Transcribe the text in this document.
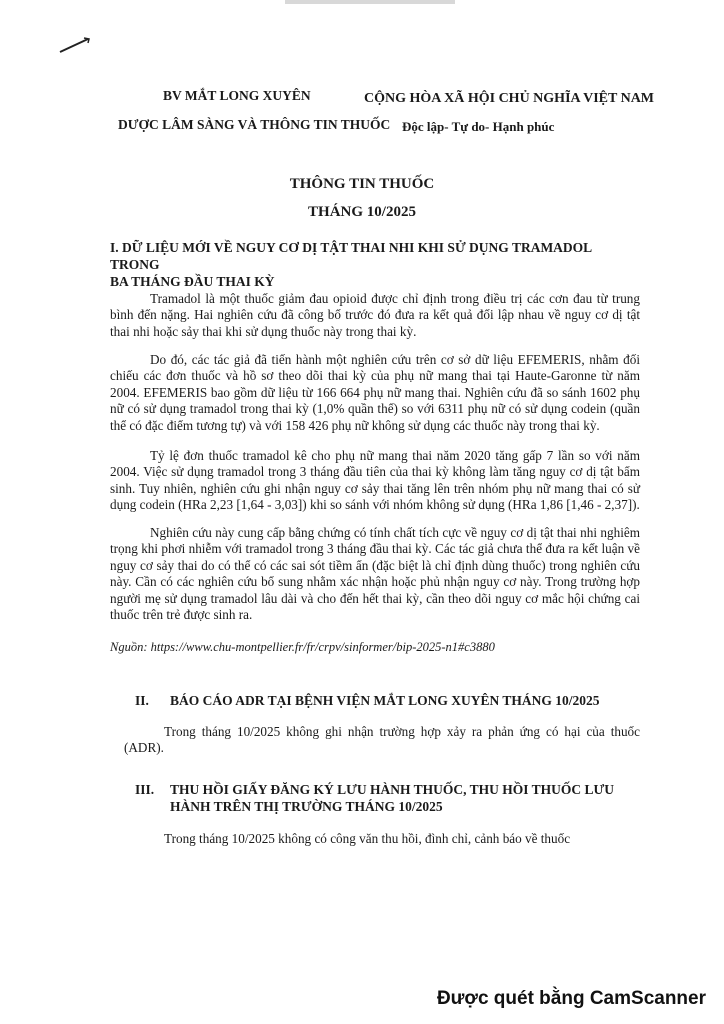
BV MẮT LONG XUYÊN	CỘNG HÒA XÃ HỘI CHỦ NGHĨA VIỆT NAM
DƯỢC LÂM SÀNG VÀ THÔNG TIN THUỐC Độc lập- Tự do- Hạnh phúc
THÔNG TIN THUỐC
THÁNG 10/2025
I. DỮ LIỆU MỚI VỀ NGUY CƠ DỊ TẬT THAI NHI KHI SỬ DỤNG TRAMADOL TRONG
BA THÁNG ĐẦU THAI KỲ
Tramadol là một thuốc giảm đau opioid được chỉ định trong điều trị các cơn đau từ trung bình đến nặng. Hai nghiên cứu đã công bố trước đó đưa ra kết quả đối lập nhau về nguy cơ dị tật thai nhi hoặc sảy thai khi sử dụng thuốc này trong thai kỳ.
Do đó, các tác giả đã tiến hành một nghiên cứu trên cơ sở dữ liệu EFEMERIS, nhằm đối chiếu các đơn thuốc và hồ sơ theo dõi thai kỳ của phụ nữ mang thai tại Haute-Garonne từ năm 2004. EFEMERIS bao gồm dữ liệu từ 166 664 phụ nữ mang thai. Nghiên cứu đã so sánh 1602 phụ nữ có sử dụng tramadol trong thai kỳ (1,0% quần thể) so với 6311 phụ nữ có sử dụng codein (quần thể có đặc điểm tương tự) và với 158 426 phụ nữ không sử dụng các thuốc này trong thai kỳ.
Tỷ lệ đơn thuốc tramadol kê cho phụ nữ mang thai năm 2020 tăng gấp 7 lần so với năm 2004. Việc sử dụng tramadol trong 3 tháng đầu tiên của thai kỳ không làm tăng nguy cơ dị tật bẩm sinh. Tuy nhiên, nghiên cứu ghi nhận nguy cơ sảy thai tăng lên trên nhóm phụ nữ mang thai có sử dụng codein (HRa 2,23 [1,64 - 3,03]) khi so sánh với nhóm không sử dụng (HRa 1,86 [1,46 - 2,37]).
Nghiên cứu này cung cấp bằng chứng có tính chất tích cực về nguy cơ dị tật thai nhi nghiêm trọng khi phơi nhiễm với tramadol trong 3 tháng đầu thai kỳ. Các tác giả chưa thể đưa ra kết luận về nguy cơ sảy thai do có thể có các sai sót tiềm ẩn (đặc biệt là chỉ định dùng thuốc) trong nghiên cứu này. Cần có các nghiên cứu bổ sung nhằm xác nhận hoặc phủ nhận nguy cơ này. Trong trường hợp người mẹ sử dụng tramadol lâu dài và cho đến hết thai kỳ, cần theo dõi nguy cơ mắc hội chứng cai thuốc trên trẻ được sinh ra.
Nguồn: https://www.chu-montpellier.fr/fr/crpv/sinformer/bip-2025-n1#c3880
II. BÁO CÁO ADR TẠI BỆNH VIỆN MẮT LONG XUYÊN THÁNG 10/2025
Trong tháng 10/2025 không ghi nhận trường hợp xảy ra phản ứng có hại của thuốc (ADR).
III. THU HỒI GIẤY ĐĂNG KÝ LƯU HÀNH THUỐC, THU HỒI THUỐC LƯU
HÀNH TRÊN THỊ TRƯỜNG THÁNG 10/2025
Trong tháng 10/2025 không có công văn thu hồi, đình chỉ, cảnh báo về thuốc
Được quét bằng CamScanner
